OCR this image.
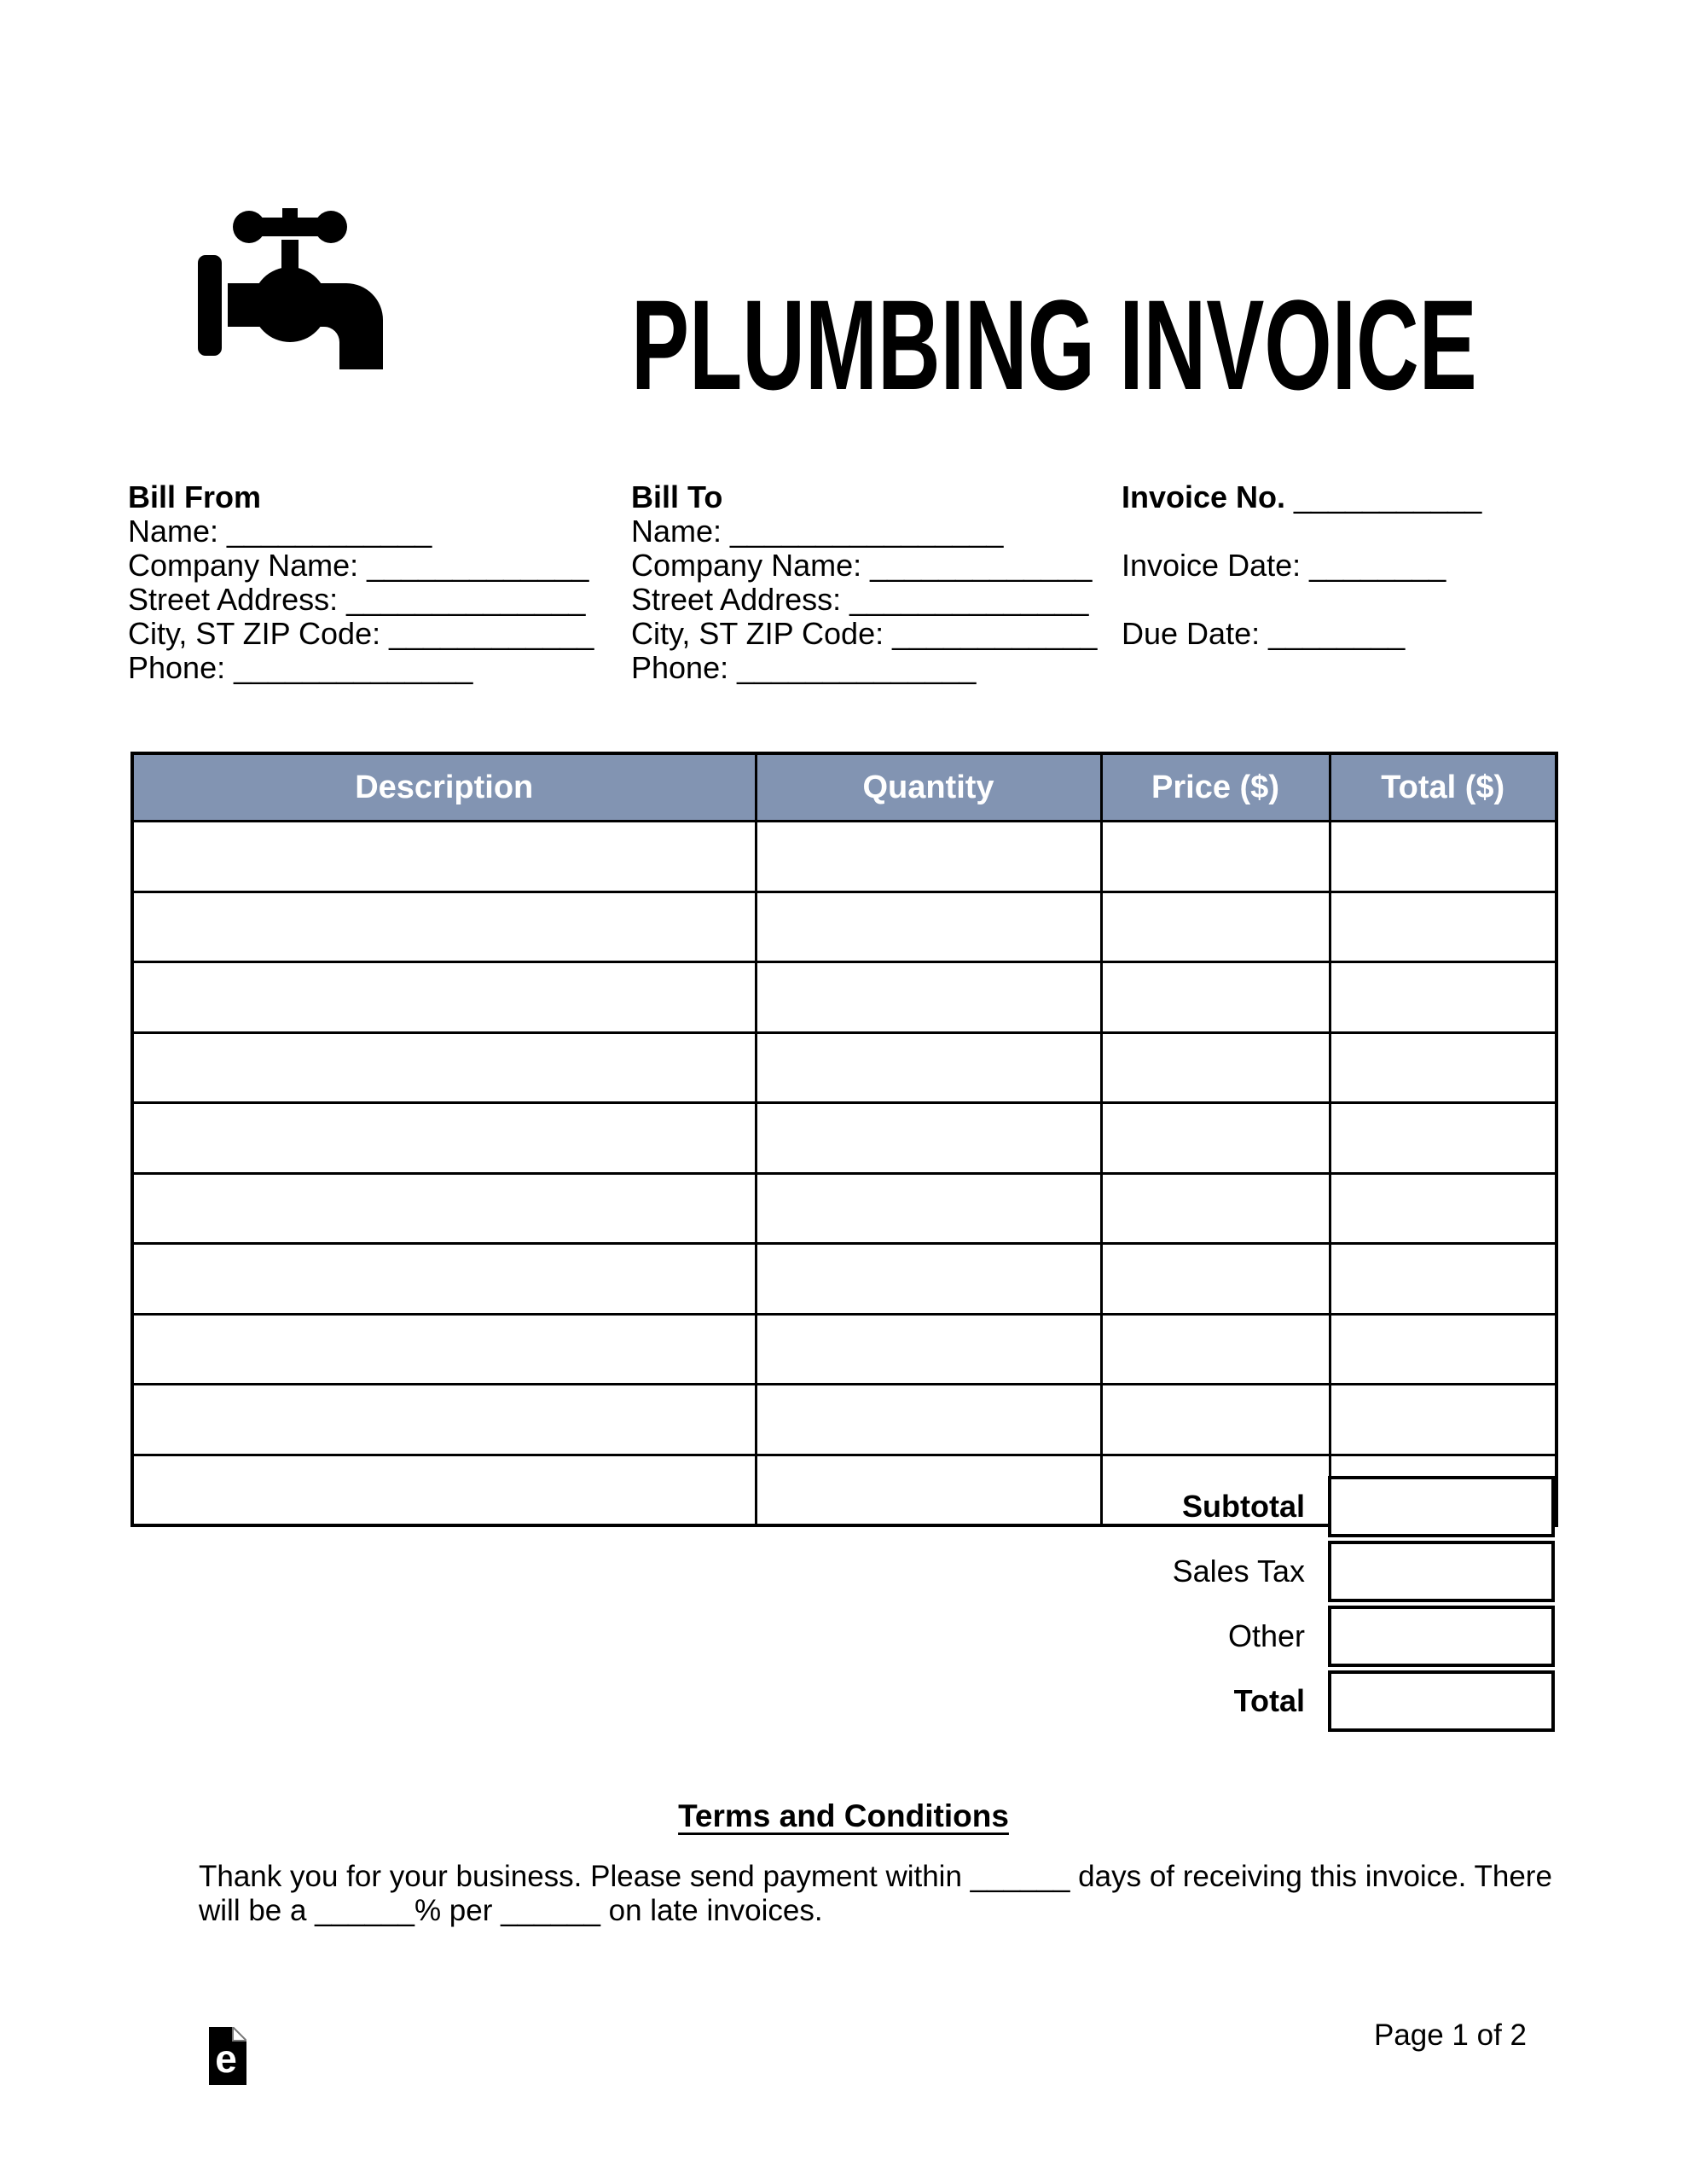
PLUMBING INVOICE
Bill From
Name: ____________
Company Name: _____________
Street Address: ______________
City, ST ZIP Code: ____________
Phone: ______________
Bill To
Name: ________________
Company Name: _____________
Street Address: ______________
City, ST ZIP Code: ____________
Phone: ______________
Invoice No. ___________
Invoice Date: ________
Due Date: ________
Description	Quantity	Price ($)	Total ($)

Subtotal
Sales Tax
Other
Total
Terms and Conditions
Thank you for your business. Please send payment within ______ days of receiving this invoice. There
will be a ______% per ______ on late invoices.
e
Page 1 of 2
